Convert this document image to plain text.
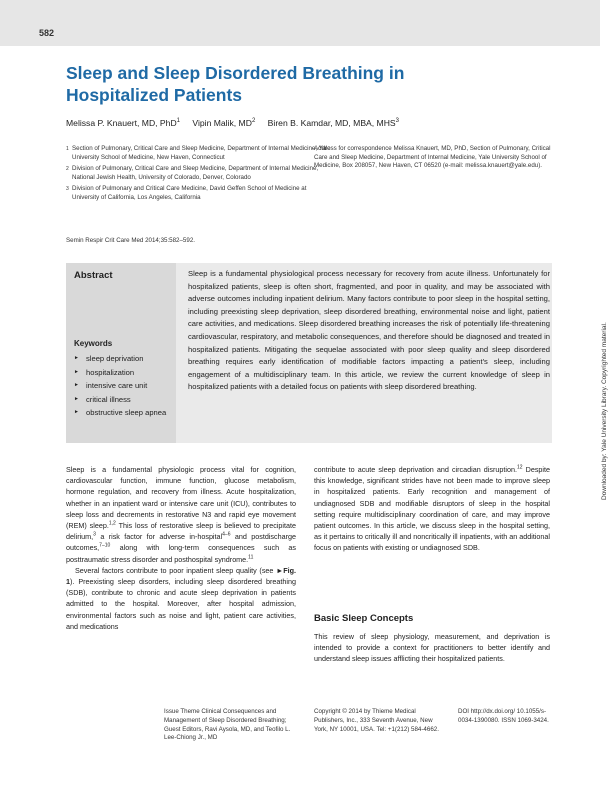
582
Sleep and Sleep Disordered Breathing in Hospitalized Patients
Melissa P. Knauert, MD, PhD$^1$ Vipin Malik, $MD^2$ Biren B. Kamdar, MD, MBA, MHS$^3$
1 Section of Pulmonary, Critical Care and Sleep Medicine, Department of Internal Medicine, Yale University School of Medicine, New Haven, Connecticut
2 Division of Pulmonary, Critical Care and Sleep Medicine, Department of Internal Medicine, National Jewish Health, University of Colorado, Denver, Colorado
3 Division of Pulmonary and Critical Care Medicine, David Geffen School of Medicine at University of California, Los Angeles, California
Address for correspondence Melissa Knauert, MD, PhD, Section of Pulmonary, Critical Care and Sleep Medicine, Department of Internal Medicine, Yale University School of Medicine, Box 208057, New Haven, CT 06520 (e-mail: melissa.knauert@yale.edu).
Semin Respir Crit Care Med 2014;35:582–592.
Abstract
Keywords
► sleep deprivation
► hospitalization
► intensive care unit
► critical illness
► obstructive sleep apnea
Sleep is a fundamental physiological process necessary for recovery from acute illness. Unfortunately for hospitalized patients, sleep is often short, fragmented, and poor in quality, and may be associated with adverse outcomes including inpatient delirium. Many factors contribute to poor sleep in the hospital setting, including preexisting sleep deprivation, sleep disordered breathing, environmental noise and light, patient care activities, and medications. Sleep disordered breathing increases the risk of potentially life-threatening cardiovascular, respiratory, and metabolic consequences, and therefore should be diagnosed and treated in hospitalized patients. Mitigating the sequelae associated with poor sleep quality and sleep disordered breathing requires early identification of modifiable factors impacting a patient's sleep, including engagement of a multidisciplinary team. In this article, we review the current knowledge of sleep in hospitalized patients with a detailed focus on patients with sleep disordered breathing.

Sleep is a fundamental physiologic process vital for cognition, cardiovascular function, immune function, glucose metabolism, hormone regulation, and recovery from illness. Acute hospitalization, whether in an inpatient ward or intensive care unit (ICU), contributes to sleep loss and decrements in restorative N3 and rapid eye movement (REM) sleep.$^{1,2}$ This loss of restorative sleep is believed to precipitate delirium,$^3$ a risk factor for adverse in-hospital$^{4-6}$ and postdischarge outcomes,$^{7-10}$ along with long-term consequences such as posttraumatic stress disorder and posthospital syndrome.$^{11}$

Several factors contribute to poor inpatient sleep quality (see ►Fig. 1). Preexisting sleep disorders, including sleep disordered breathing (SDB), contribute to chronic and acute sleep deprivation in patients admitted to the hospital. Moreover, after hospital admission, environmental factors such as noise and light, patient care activities, and medications

contribute to acute sleep deprivation and circadian disruption.$^{12}$ Despite this knowledge, significant strides have not been made to improve sleep in hospitalized patients. Early recognition and management of undiagnosed SDB and modifiable disruptors of sleep in the hospital setting require multidisciplinary coordination of care, and may improve patient outcomes. In this article, we discuss sleep in the hospital setting, as it pertains to critically ill and noncritically ill inpatients, with an additional focus on patients with existing or undiagnosed SDB.

Basic Sleep Concepts
This review of sleep physiology, measurement, and deprivation is intended to provide a context for practitioners to better identify and understand sleep issues afflicting their hospitalized patients.
Issue Theme Clinical Consequences and Management of Sleep Disordered Breathing; Guest Editors, Ravi Aysola, MD, and Teofilo L. Lee-Chiong Jr., MD
Copyright © 2014 by Thieme Medical Publishers, Inc., 333 Seventh Avenue, New York, NY 10001, USA. Tel: +1(212) 584-4662.
DOI http://dx.doi.org/ 10.1055/s-0034-1390080. ISSN 1069-3424.
Downloaded by: Yale University Library. Copyrighted material.
